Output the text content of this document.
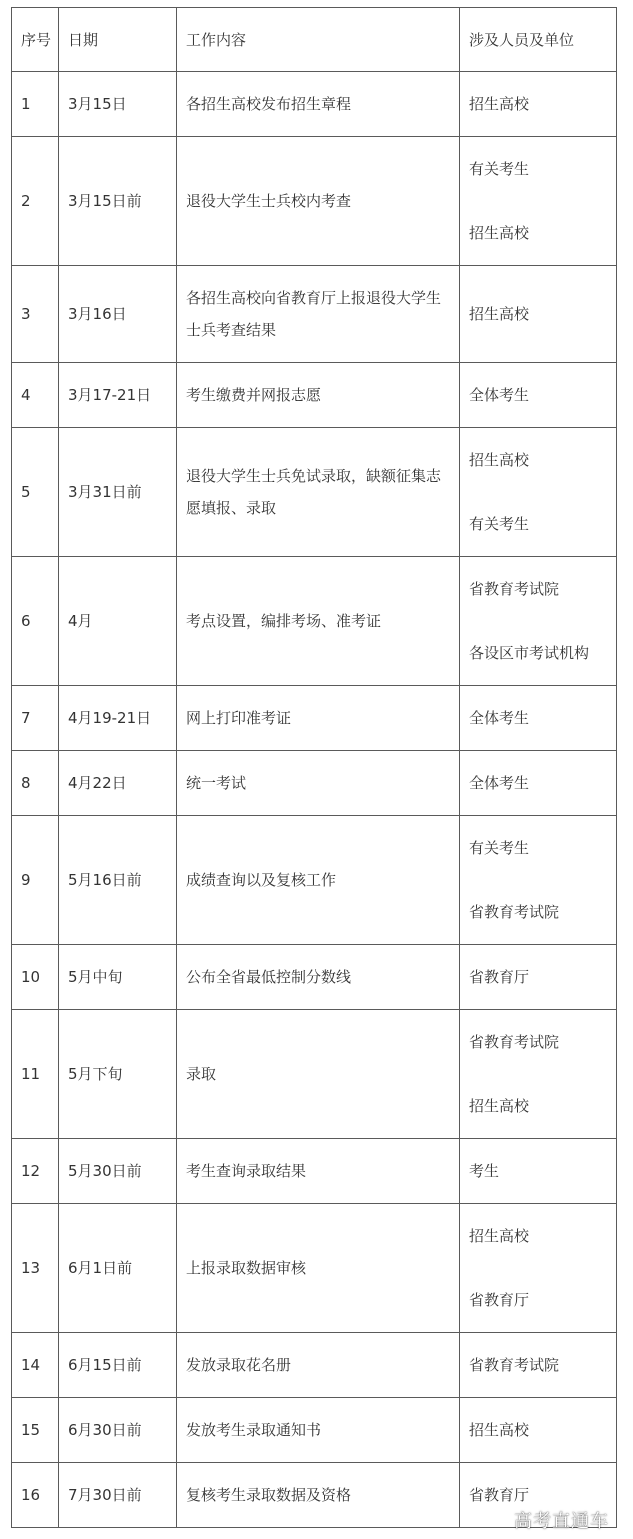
序号	日期	工作内容	涉及人员及单位
1	3月15日	各招生高校发布招生章程	招生高校

2	3月15日前	退役大学生士兵校内考查	有关考生
招生高校

3	3月16日	各招生高校向省教育厅上报退役大学生士兵考查结果	招生高校

4	3月17-21日	考生缴费并网报志愿	全体考生

5	3月31日前	退役大学生士兵免试录取，缺额征集志愿填报、录取	招生高校
有关考生

6	4月	考点设置，编排考场、准考证	省教育考试院
各设区市考试机构

7	4月19-21日	网上打印准考证	全体考生

8	4月22日	统一考试	全体考生

9	5月16日前	成绩查询以及复核工作	有关考生
省教育考试院

10	5月中旬	公布全省最低控制分数线	省教育厅

11	5月下旬	录取	省教育考试院
招生高校

12	5月30日前	考生查询录取结果	考生

13	6月1日前	上报录取数据审核	招生高校
省教育厅

14	6月15日前	发放录取花名册	省教育考试院

15	6月30日前	发放考生录取通知书	招生高校

16	7月30日前	复核考生录取数据及资格	省教育厅
高考直通车
